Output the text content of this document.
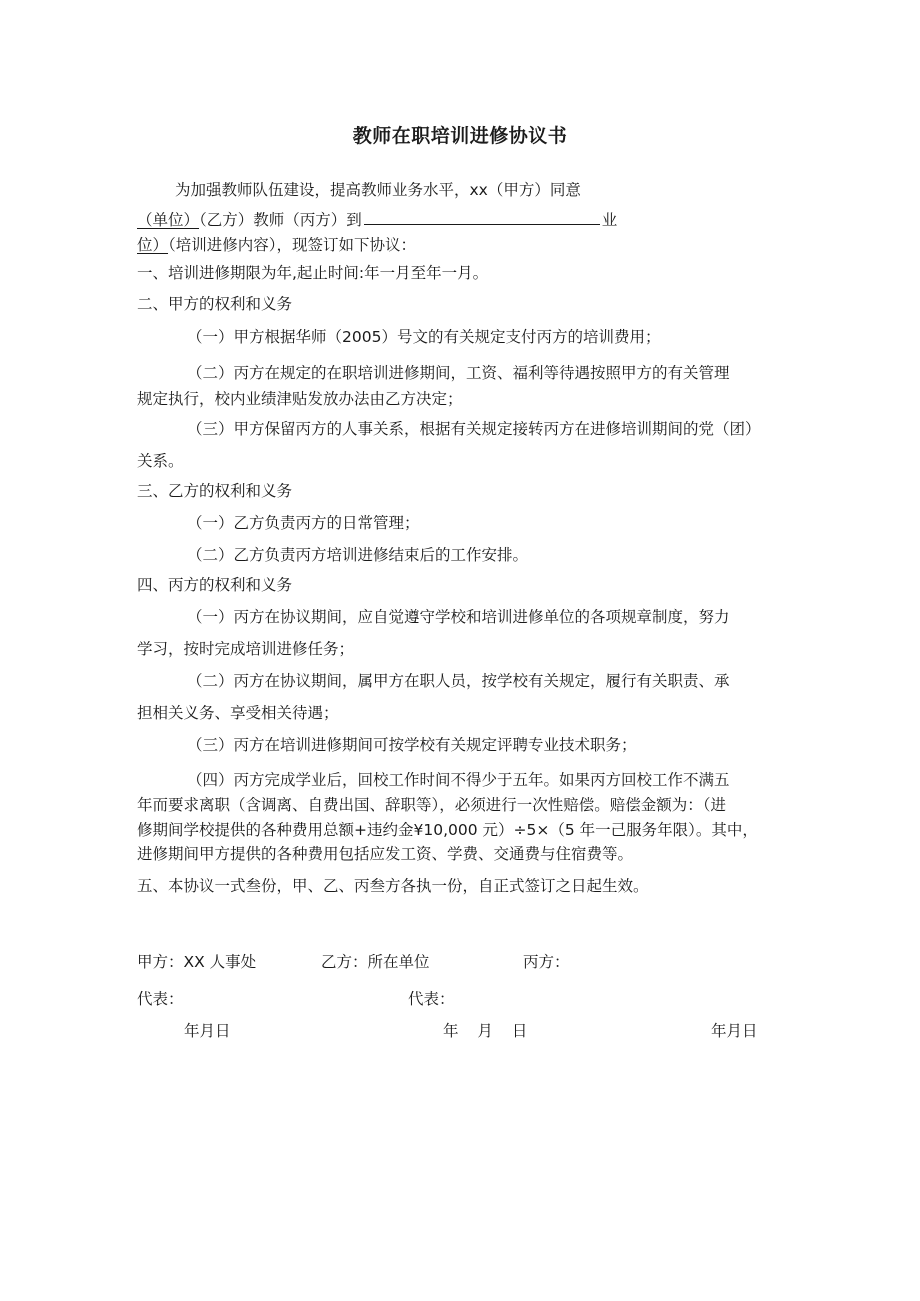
教师在职培训进修协议书
为加强教师队伍建设，提高教师业务水平，xx（甲方）同意
（单位）（乙方）教师（丙方）到	业
位）（培训进修内容），现签订如下协议：
一、培训进修期限为年,起止时间:年一月至年一月。
二、甲方的权利和义务
（一）甲方根据华师（2005）号文的有关规定支付丙方的培训费用；
（二）丙方在规定的在职培训进修期间，工资、福利等待遇按照甲方的有关管理
规定执行，校内业绩津贴发放办法由乙方决定；
（三）甲方保留丙方的人事关系，根据有关规定接转丙方在进修培训期间的党（团）
关系。
三、乙方的权利和义务
（一）乙方负责丙方的日常管理；
（二）乙方负责丙方培训进修结束后的工作安排。
四、丙方的权利和义务
（一）丙方在协议期间，应自觉遵守学校和培训进修单位的各项规章制度，努力
学习，按时完成培训进修任务；
（二）丙方在协议期间，属甲方在职人员，按学校有关规定，履行有关职责、承
担相关义务、享受相关待遇；
（三）丙方在培训进修期间可按学校有关规定评聘专业技术职务；
（四）丙方完成学业后，回校工作时间不得少于五年。如果丙方回校工作不满五
年而要求离职（含调离、自费出国、辞职等），必须进行一次性赔偿。赔偿金额为：（进
修期间学校提供的各种费用总额+违约金¥10,000 元）÷5×（5 年一己服务年限）。其中，
进修期间甲方提供的各种费用包括应发工资、学费、交通费与住宿费等。
五、本协议一式叁份，甲、乙、丙叁方各执一份，自正式签订之日起生效。
甲方：XX 人事处	乙方：所在单位	丙方：
代表：	代表：
年月日	年 月 日	年月日
